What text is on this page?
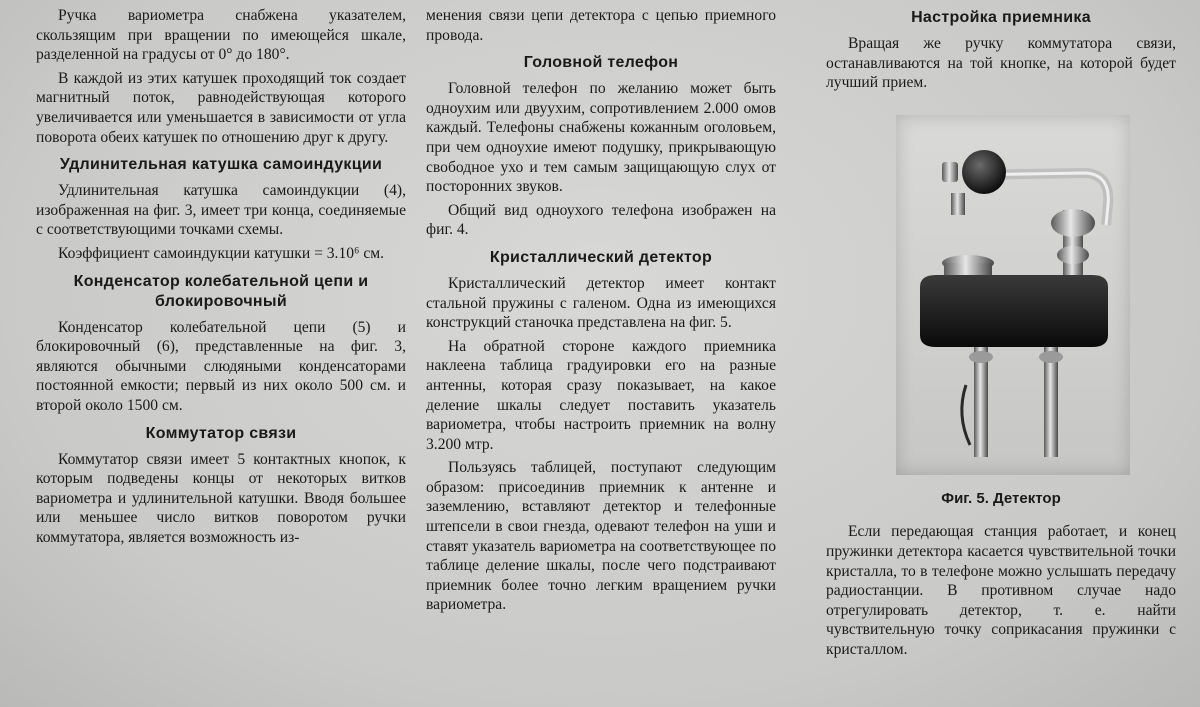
Ручка вариометра снабжена указателем, скользящим при вращении по имеющейся шкале, разделенной на градусы от 0° до 180°.

В каждой из этих катушек проходящий ток создает магнитный поток, равнодействующая которого увеличивается или уменьшается в зависимости от угла поворота обеих катушек по отношению друг к другу.

Удлинительная катушка самоиндукции

Удлинительная катушка самоиндукции (4), изображенная на фиг. 3, имеет три конца, соединяемые с соответствующими точками схемы.

Коэффициент самоиндукции катушки = 3.10⁶ см.

Конденсатор колебательной цепи и блокировочный

Конденсатор колебательной цепи (5) и блокировочный (6), представленные на фиг. 3, являются обычными слюдяными конденсаторами постоянной емкости; первый из них около 500 см. и второй около 1500 см.

Коммутатор связи

Коммутатор связи имеет 5 контактных кнопок, к которым подведены концы от некоторых витков вариометра и удлинительной катушки. Вводя большее или меньшее число витков поворотом ручки коммутатора, является возможность из-

менения связи цепи детектора с цепью приемного провода.

Головной телефон

Головной телефон по желанию может быть одноухим или двуухим, сопротивлением 2.000 омов каждый. Телефоны снабжены кожанным оголовьем, при чем одноухие имеют подушку, прикрывающую свободное ухо и тем самым защищающую слух от посторонних звуков.

Общий вид одноухого телефона изображен на фиг. 4.

Кристаллический детектор

Кристаллический детектор имеет контакт стальной пружины с галеном. Одна из имеющихся конструкций станочка представлена на фиг. 5.

На обратной стороне каждого приемника наклеена таблица градуировки его на разные антенны, которая сразу показывает, на какое деление шкалы следует поставить указатель вариометра, чтобы настроить приемник на волну 3.200 мтр.

Пользуясь таблицей, поступают следующим образом: присоединив приемник к антенне и заземлению, вставляют детектор и телефонные штепсели в свои гнезда, одевают телефон на уши и ставят указатель вариометра на соответствующее по таблице деление шкалы, после чего подстраивают приемник более точно легким вращением ручки вариометра.

Настройка приемника

Вращая же ручку коммутатора связи, останавливаются на той кнопке, на которой будет лучший прием.

Фиг. 5. Детектор

Если передающая станция работает, и конец пружинки детектора касается чувствительной точки кристалла, то в телефоне можно услышать передачу радиостанции. В противном случае надо отрегулировать детектор, т. е. найти чувствительную точку соприкасания пружинки с кристаллом.
